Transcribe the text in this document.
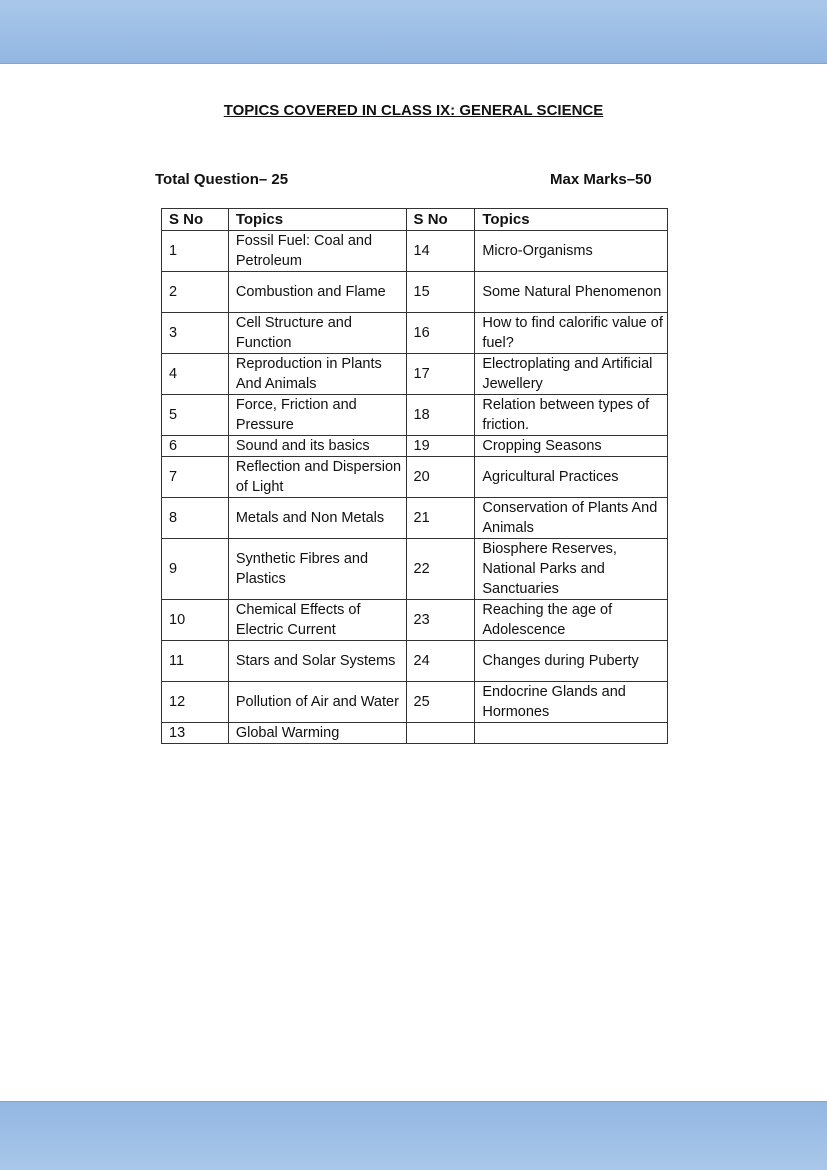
TOPICS COVERED IN CLASS IX: GENERAL SCIENCE
Total Question– 25	Max Marks–50
S No	Topics	S No	Topics
1	Fossil Fuel: Coal and Petroleum	14	Micro-Organisms
2	Combustion and Flame	15	Some Natural Phenomenon
3	Cell Structure and Function	16	How to find calorific value of fuel?
4	Reproduction in Plants And Animals	17	Electroplating and Artificial Jewellery
5	Force, Friction and Pressure	18	Relation between types of friction.
6	Sound and its basics	19	Cropping Seasons
7	Reflection and Dispersion of Light	20	Agricultural Practices
8	Metals and Non Metals	21	Conservation of Plants And Animals
9	Synthetic Fibres and Plastics	22	Biosphere Reserves, National Parks and Sanctuaries
10	Chemical Effects of Electric Current	23	Reaching the age of Adolescence
11	Stars and Solar Systems	24	Changes during Puberty
12	Pollution of Air and Water	25	Endocrine Glands and Hormones
13	Global Warming		
